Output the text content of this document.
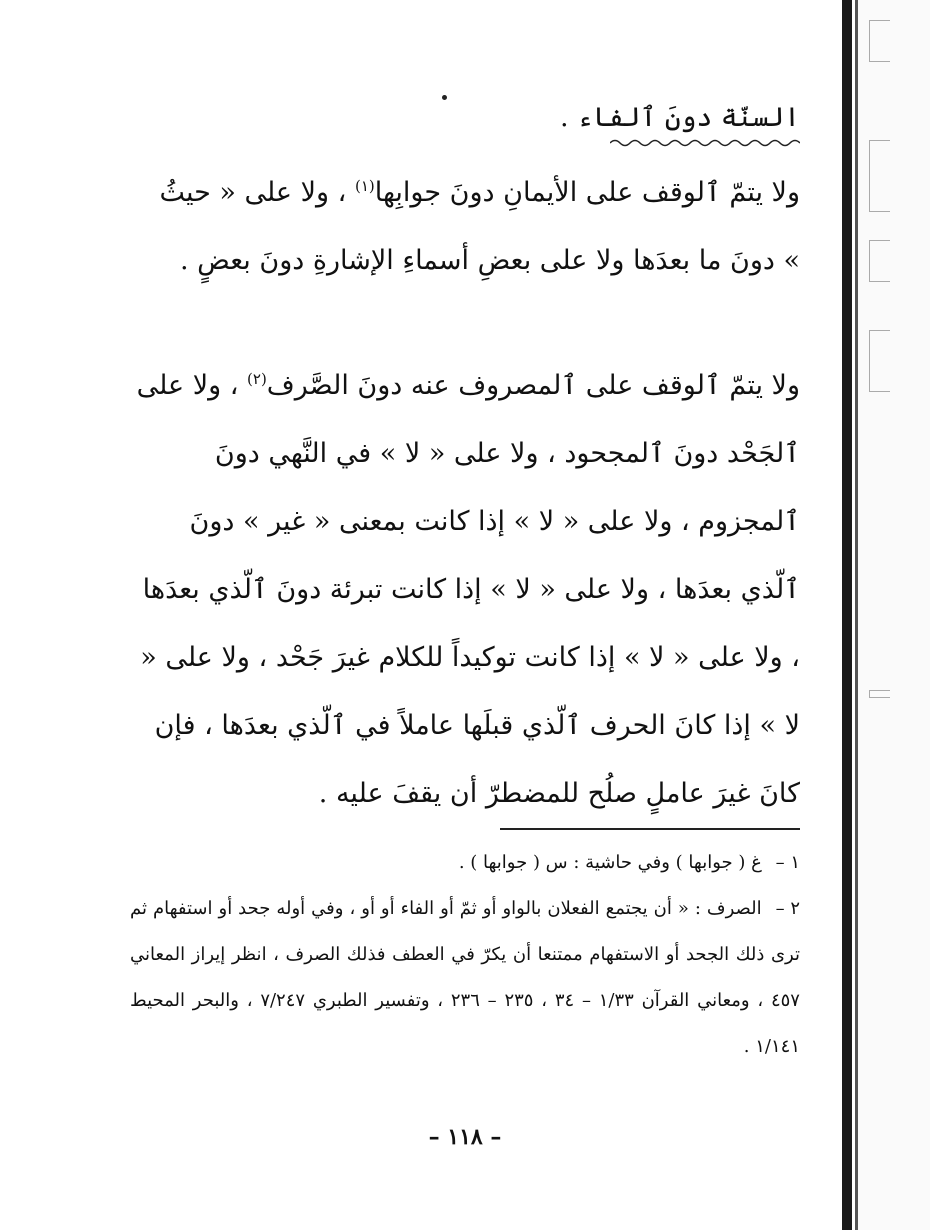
السنّة دونَ ٱلفاء .

ولا يتمّ ٱلوقف على الأيمانِ دونَ جوابِها$^{(١)}$ ، ولا على « حيثُ » دونَ ما بعدَها ولا على بعضِ أسماءِ الإشارةِ دونَ بعضٍ .

ولا يتمّ ٱلوقف على ٱلمصروف عنه دونَ الصَّرف$^{(٢)}$ ، ولا على ٱلجَحْد دونَ ٱلمجحود ، ولا على « لا » في النَّهي دونَ ٱلمجزوم ، ولا على « لا » إذا كانت بمعنى « غير » دونَ ٱلّذي بعدَها ، ولا على « لا » إذا كانت تبرئة دونَ ٱلّذي بعدَها ، ولا على « لا » إذا كانت توكيداً للكلام غيرَ جَحْد ، ولا على « لا » إذا كانَ الحرف ٱلّذي قبلَها عاملاً في ٱلّذي بعدَها ، فإن كانَ غيرَ عاملٍ صلُح للمضطرّ أن يقفَ عليه .

١ – غ ( جوابها ) وفي حاشية : س ( جوابها ) .

٢ – الصرف : « أن يجتمع الفعلان بالواو أو ثمّ أو الفاء أو أو ، وفي أوله جحد أو استفهام ثم ترى ذلك الجحد أو الاستفهام ممتنعا أن يكرّ في العطف فذلك الصرف ، انظر إيراز المعاني ٤٥٧ ، ومعاني القرآن ١/٣٣ – ٣٤ ، ٢٣٥ – ٢٣٦ ، وتفسير الطبري ٧/٢٤٧ ، والبحر المحيط ١/١٤١ .

– ١١٨ –
